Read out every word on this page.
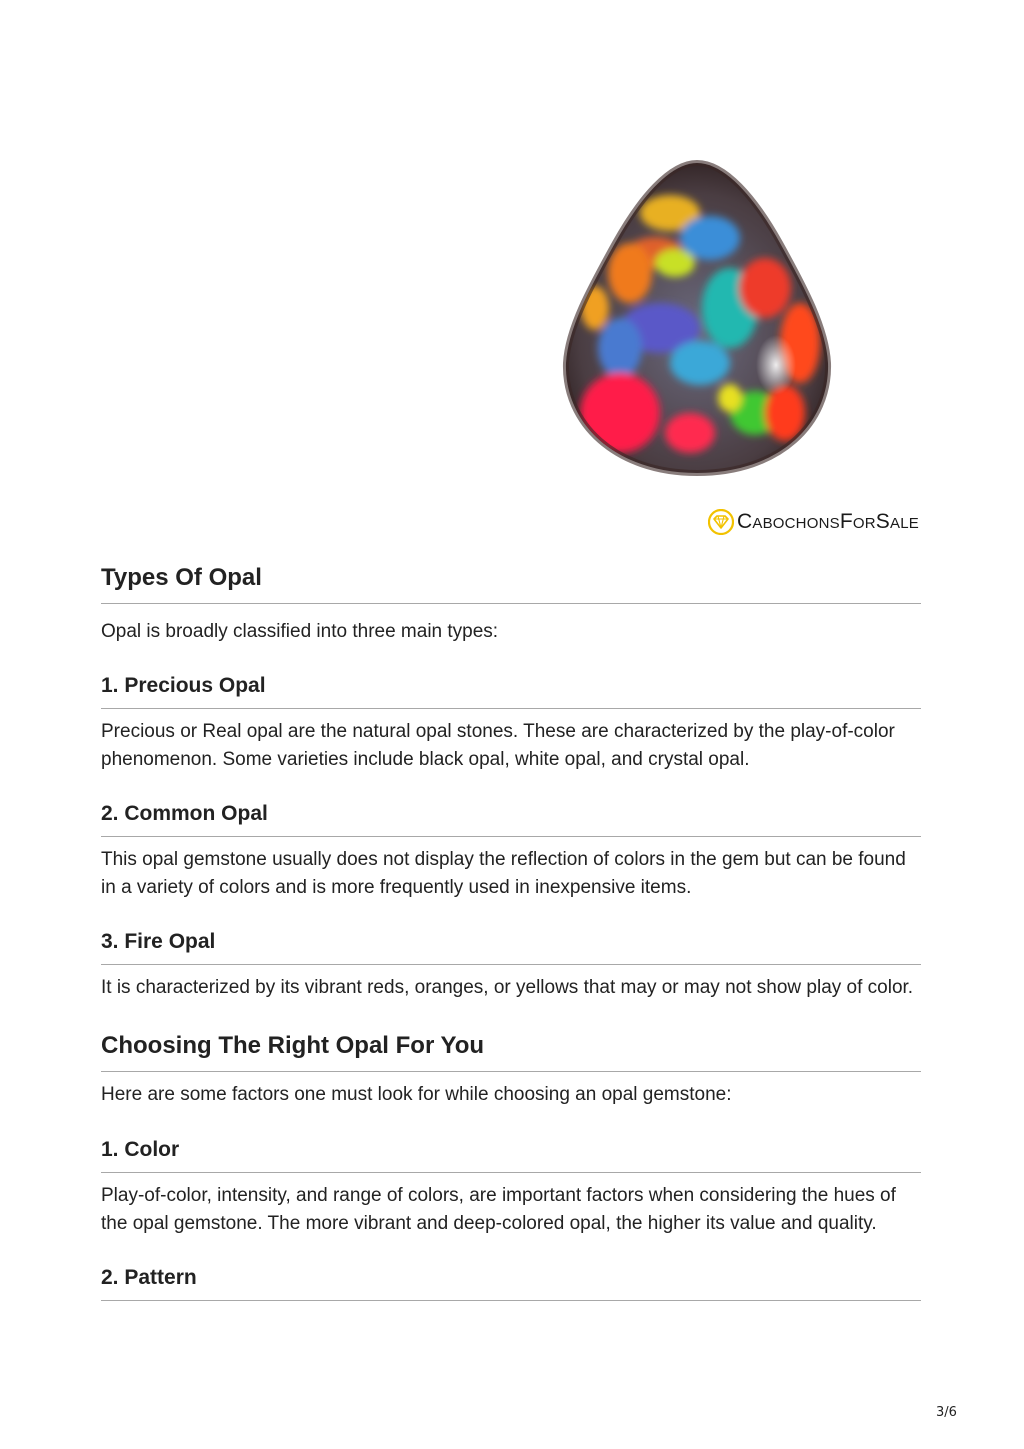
CABOCHONSFORSALE
Types Of Opal

Opal is broadly classified into three main types:

1. Precious Opal

Precious or Real opal are the natural opal stones. These are characterized by the play-of-color phenomenon. Some varieties include black opal, white opal, and crystal opal.

2. Common Opal

This opal gemstone usually does not display the reflection of colors in the gem but can be found in a variety of colors and is more frequently used in inexpensive items.

3. Fire Opal

It is characterized by its vibrant reds, oranges, or yellows that may or may not show play of color.

Choosing The Right Opal For You

Here are some factors one must look for while choosing an opal gemstone:

1. Color

Play-of-color, intensity, and range of colors, are important factors when considering the hues of the opal gemstone. The more vibrant and deep-colored opal, the higher its value and quality.

2. Pattern
3/6
